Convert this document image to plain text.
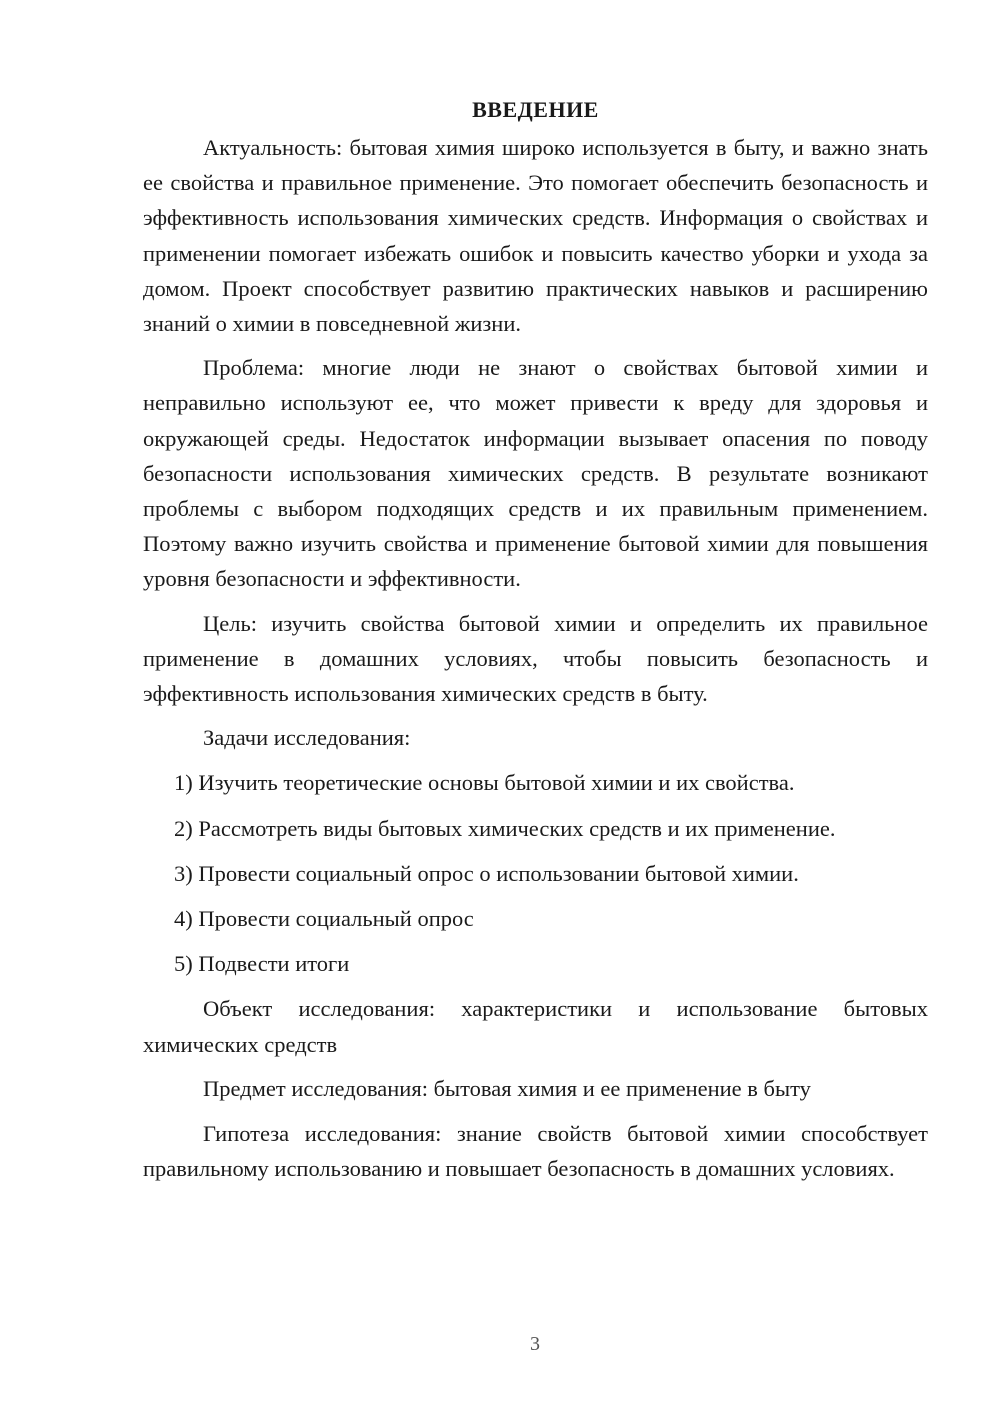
ВВЕДЕНИЕ

Актуальность: бытовая химия широко используется в быту, и важно знать ее свойства и правильное применение. Это помогает обеспечить безопасность и эффективность использования химических средств. Информация о свойствах и применении помогает избежать ошибок и повысить качество уборки и ухода за домом. Проект способствует развитию практических навыков и расширению знаний о химии в повседневной жизни.

Проблема: многие люди не знают о свойствах бытовой химии и неправильно используют ее, что может привести к вреду для здоровья и окружающей среды. Недостаток информации вызывает опасения по поводу безопасности использования химических средств. В результате возникают проблемы с выбором подходящих средств и их правильным применением. Поэтому важно изучить свойства и применение бытовой химии для повышения уровня безопасности и эффективности.

Цель: изучить свойства бытовой химии и определить их правильное применение в домашних условиях, чтобы повысить безопасность и эффективность использования химических средств в быту.

Задачи исследования:

1) Изучить теоретические основы бытовой химии и их свойства.
2) Рассмотреть виды бытовых химических средств и их применение.
3) Провести социальный опрос о использовании бытовой химии.
4) Провести социальный опрос
5) Подвести итоги

Объект исследования: характеристики и использование бытовых химических средств

Предмет исследования: бытовая химия и ее применение в быту

Гипотеза исследования: знание свойств бытовой химии способствует правильному использованию и повышает безопасность в домашних условиях.

3
